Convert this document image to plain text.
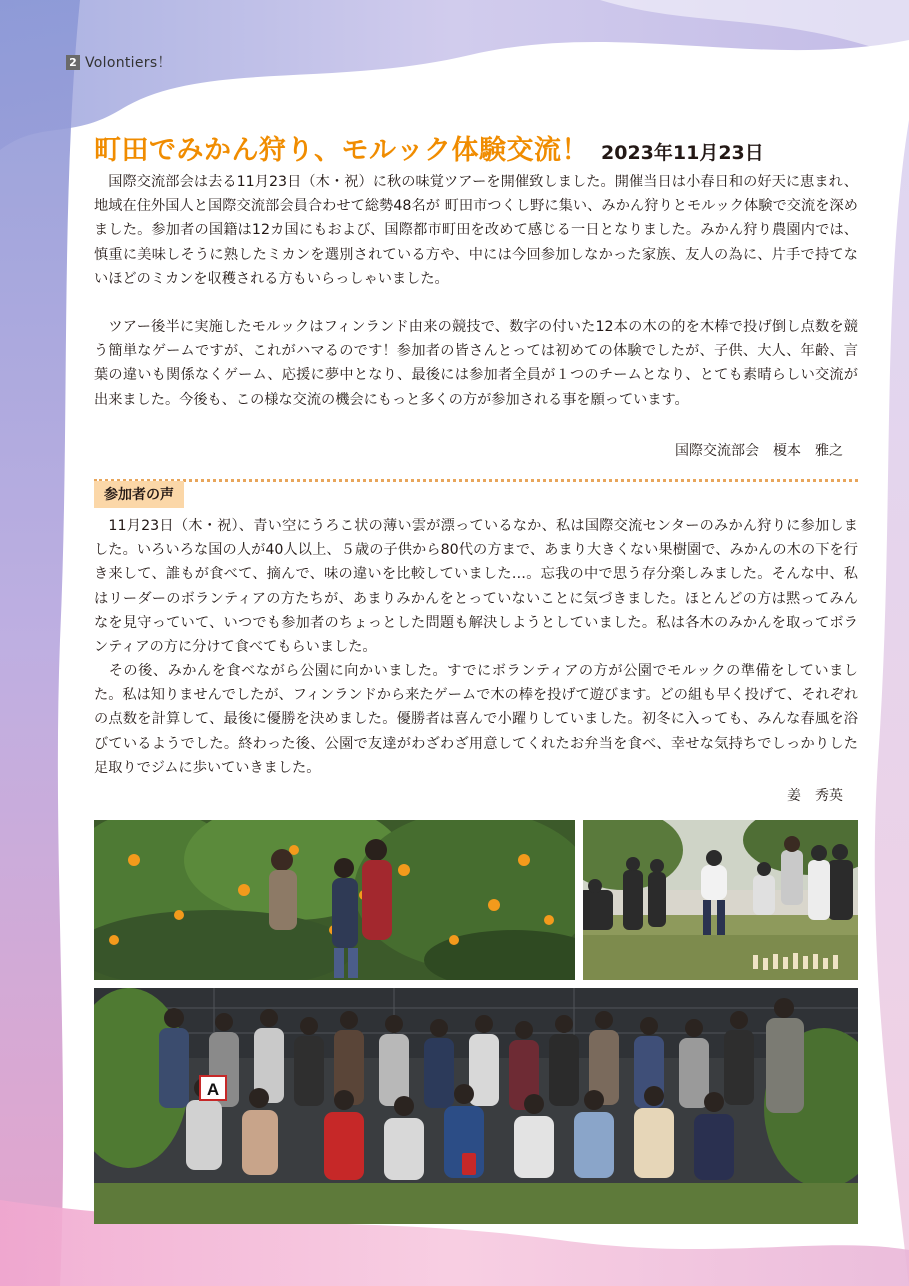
2 Volontiers！
町田でみかん狩り、モルック体験交流！ 2023年11月23日

　国際交流部会は去る11月23日（木・祝）に秋の味覚ツアーを開催致しました。開催当日は小春日和の好天に恵まれ、地域在住外国人と国際交流部会員合わせて総勢48名が 町田市つくし野に集い、みかん狩りとモルック体験で交流を深めました。参加者の国籍は12カ国にもおよび、国際都市町田を改めて感じる一日となりました。みかん狩り農園内では、慎重に美味しそうに熟したミカンを選別されている方や、中には今回参加しなかった家族、友人の為に、片手で持てないほどのミカンを収穫される方もいらっしゃいました。

　ツアー後半に実施したモルックはフィンランド由来の競技で、数字の付いた12本の木の的を木棒で投げ倒し点数を競う簡単なゲームですが、これがハマるのです！参加者の皆さんとっては初めての体験でしたが、子供、大人、年齢、言葉の違いも関係なくゲーム、応援に夢中となり、最後には参加者全員が１つのチームとなり、とても素晴らしい交流が出来ました。今後も、この様な交流の機会にもっと多くの方が参加される事を願っています。

国際交流部会　榎本　雅之
参加者の声

　11月23日（木・祝）、青い空にうろこ状の薄い雲が漂っているなか、私は国際交流センターのみかん狩りに参加しました。いろいろな国の人が40人以上、５歳の子供から80代の方まで、あまり大きくない果樹園で、みかんの木の下を行き来して、誰もが食べて、摘んで、味の違いを比較していました…。忘我の中で思う存分楽しみました。そんな中、私はリーダーのボランティアの方たちが、あまりみかんをとっていないことに気づきました。ほとんどの方は黙ってみんなを見守っていて、いつでも参加者のちょっとした問題も解決しようとしていました。私は各木のみかんを取ってボランティアの方に分けて食べてもらいました。

　その後、みかんを食べながら公園に向かいました。すでにボランティアの方が公園でモルックの準備をしていました。私は知りませんでしたが、フィンランドから来たゲームで木の棒を投げて遊びます。どの組も早く投げて、それぞれの点数を計算して、最後に優勝を決めました。優勝者は喜んで小躍りしていました。初冬に入っても、みんな春風を浴びているようでした。終わった後、公園で友達がわざわざ用意してくれたお弁当を食べ、幸せな気持ちでしっかりした足取りでジムに歩いていきました。

姜　秀英
A
